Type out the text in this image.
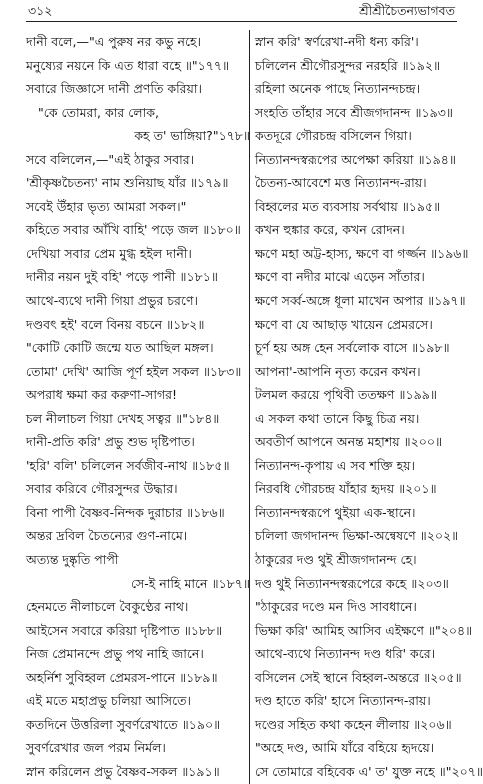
৩১২	শ্রীশ্রীচৈতন্যভাগবত
দানী বলে,—"এ পুরুষ নর কভু নহে।
মনুষ্যের নয়নে কি এত ধারা বহে ॥"১৭৭॥
সবারে জিজ্ঞাসে দানী প্রণতি করিয়া।
"কে তোমরা, কার লোক,
কহ ত' ভাঙ্গিয়া?"১৭৮॥
সবে বলিলেন,—"এই ঠাকুর সবার।
'শ্রীকৃষ্ণচৈতন্য' নাম শুনিয়াছ যাঁর ॥১৭৯॥
সবেই উঁহার ভৃত্য আমরা সকল।"
কহিতে সবার আঁখি বাহি' পড়ে জল ॥১৮০॥
দেখিয়া সবার প্রেম মুগ্ধ হইল দানী।
দানীর নয়ন দুই বহি' পড়ে পানী ॥১৮১॥
আথে-ব্যথে দানী গিয়া প্রভুর চরণে।
দণ্ডবৎ হই' বলে বিনয় বচনে ॥১৮২॥
"কোটি কোটি জন্মে যত আছিল মঙ্গল।
তোমা' দেখি' আজি পূর্ণ হইল সকল ॥১৮৩॥
অপরাধ ক্ষমা কর করুণা-সাগর!
চল নীলাচল গিয়া দেখহ সত্বর ॥"১৮৪॥
দানী-প্রতি করি' প্রভু শুভ দৃষ্টিপাত।
'হরি' বলি' চলিলেন সর্বজীব-নাথ ॥১৮৫॥
সবার করিবে গৌরসুন্দর উদ্ধার।
বিনা পাপী বৈষ্ণব-নিন্দক দুরাচার ॥১৮৬॥
অন্তর দ্রবিল চৈতন্যের গুণ-নামে।
অত্যন্ত দুষ্কৃতি পাপী
সে-ই নাহি মানে ॥১৮৭॥
হেনমতে নীলাচলে বৈকুণ্ঠের নাথ।
আইসেন সবারে করিয়া দৃষ্টিপাত ॥১৮৮॥
নিজ প্রেমানন্দে প্রভু পথ নাহি জানে।
অহর্নিশ সুবিহ্বল প্রেমরস-পানে ॥১৮৯॥
এই মতে মহাপ্রভু চলিয়া আসিতে।
কতদিনে উত্তরিলা সুবর্ণরেখাতে ॥১৯০॥
সুবর্ণরেখার জল পরম নির্মল।
স্নান করিলেন প্রভু বৈষ্ণব-সকল ॥১৯১॥
স্নান করি' স্বর্ণরেখা-নদী ধন্য করি'।
চলিলেন শ্রীগৌরসুন্দর নরহরি ॥১৯২॥
রহিলা অনেক পাছে নিত্যানন্দচন্দ্র।
সংহতি তাঁহার সবে শ্রীজগদানন্দ ॥১৯৩॥
কতদূরে গৌরচন্দ্র বসিলেন গিয়া।
নিত্যানন্দস্বরূপের অপেক্ষা করিয়া ॥১৯৪॥
চৈতন্য-আবেশে মত্ত নিত্যানন্দ-রায়।
বিহ্বলের মত ব্যবসায় সর্বথায় ॥১৯৫॥
কখন হুঙ্কার করে, কখন রোদন।
ক্ষণে মহা অট্ট-হাস্য, ক্ষণে বা গর্জ্জন ॥১৯৬॥
ক্ষণে বা নদীর মাঝে এড়েন সাঁতার।
ক্ষণে সর্ব্ব-অঙ্গে ধূলা মাখেন অপার ॥১৯৭॥
ক্ষণে বা যে আছাড় খায়েন প্রেমরসে।
চূর্ণ হয় অঙ্গ হেন সর্বলোক বাসে ॥১৯৮॥
আপনা'-আপনি নৃত্য করেন কখন।
টলমল করয়ে পৃথিবী ততক্ষণ ॥১৯৯॥
এ সকল কথা তানে কিছু চিত্র নয়।
অবতীর্ণ আপনে অনন্ত মহাশয় ॥২০০॥
নিত্যানন্দ-কৃপায় এ সব শক্তি হয়।
নিরবধি গৌরচন্দ্র যাঁহার হৃদয় ॥২০১॥
নিত্যানন্দস্বরূপে থুইয়া এক-স্থানে।
চলিলা জগদানন্দ ভিক্ষা-অন্বেষণে ॥২০২॥
ঠাকুরের দণ্ড থুই শ্রীজগদানন্দ হে।
দণ্ড থুই নিত্যানন্দস্বরূপেরে কহে ॥২০৩॥
"ঠাকুরের দণ্ডে মন দিও সাবধানে।
ভিক্ষা করি' আমিহ আসিব এইক্ষণে ॥"২০৪॥
আথে-ব্যথে নিত্যানন্দ দণ্ড ধরি' করে।
বসিলেন সেই স্থানে বিহ্বল-অন্তরে ॥২০৫॥
দণ্ড হাতে করি' হাসে নিত্যানন্দ-রায়।
দণ্ডের সহিত কথা কহেন লীলায় ॥২০৬॥
"অহে দণ্ড, আমি যাঁরে বহিয়ে হৃদয়ে।
সে তোমারে বহিবেক এ' ত' যুক্ত নহে ॥"২০৭॥
